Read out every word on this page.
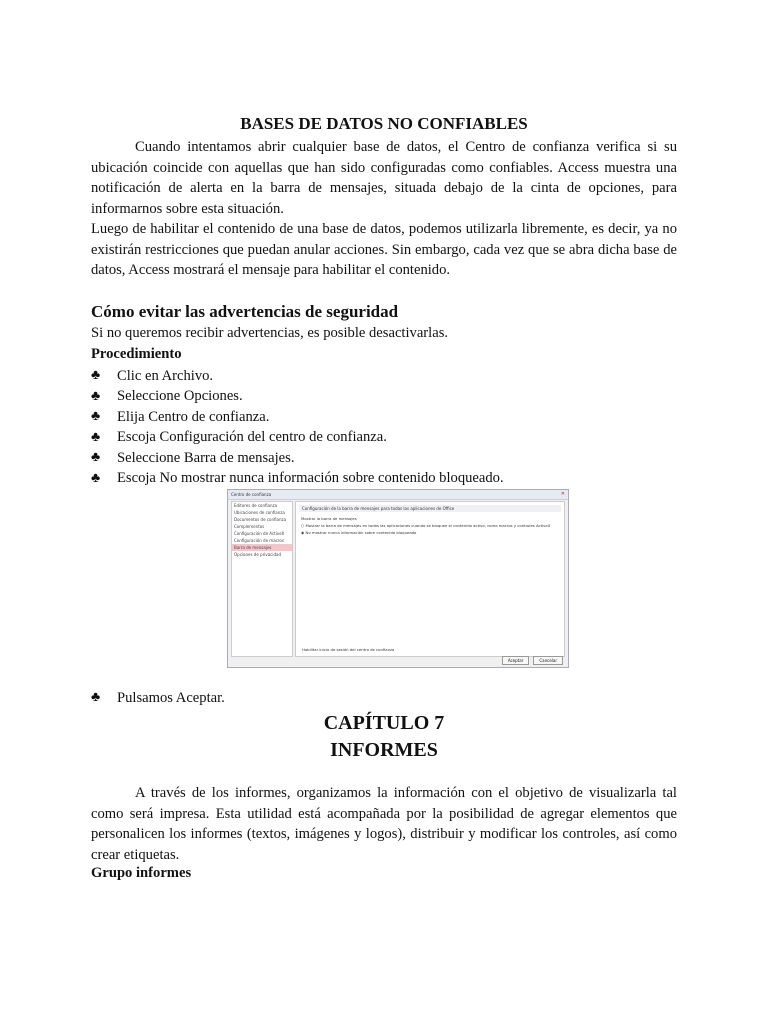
BASES DE DATOS NO CONFIABLES

Cuando intentamos abrir cualquier base de datos, el Centro de confianza verifica si su ubicación coincide con aquellas que han sido configuradas como confiables. Access muestra una notificación de alerta en la barra de mensajes, situada debajo de la cinta de opciones, para informarnos sobre esta situación.

Luego de habilitar el contenido de una base de datos, podemos utilizarla libremente, es decir, ya no existirán restricciones que puedan anular acciones. Sin embargo, cada vez que se abra dicha base de datos, Access mostrará el mensaje para habilitar el contenido.

Cómo evitar las advertencias de seguridad
Si no queremos recibir advertencias, es posible desactivarlas.
Procedimiento
♣	Clic en Archivo.
♣	Seleccione Opciones.
♣	Elija Centro de confianza.
♣	Escoja Configuración del centro de confianza.
♣	Seleccione Barra de mensajes.
♣	Escoja No mostrar nunca información sobre contenido bloqueado.
Centro de confianza	✕
Editores de confianza
Ubicaciones de confianza
Documentos de confianza
Complementos
Configuración de ActiveX
Configuración de macros
Barra de mensajes
Opciones de privacidad
Configuración de la barra de mensajes para todas las aplicaciones de Office
Mostrar la barra de mensajes
○ Mostrar la barra de mensajes en todas las aplicaciones cuando se bloquee el contenido activo, como macros y controles ActiveX
◉ No mostrar nunca información sobre contenido bloqueado
Habilitar inicio de sesión del centro de confianza
Aceptar	Cancelar
♣	Pulsamos Aceptar.
CAPÍTULO 7
INFORMES

A través de los informes, organizamos la información con el objetivo de visualizarla tal como será impresa. Esta utilidad está acompañada por la posibilidad de agregar elementos que personalicen los informes (textos, imágenes y logos), distribuir y modificar los controles, así como crear etiquetas.

Grupo informes
